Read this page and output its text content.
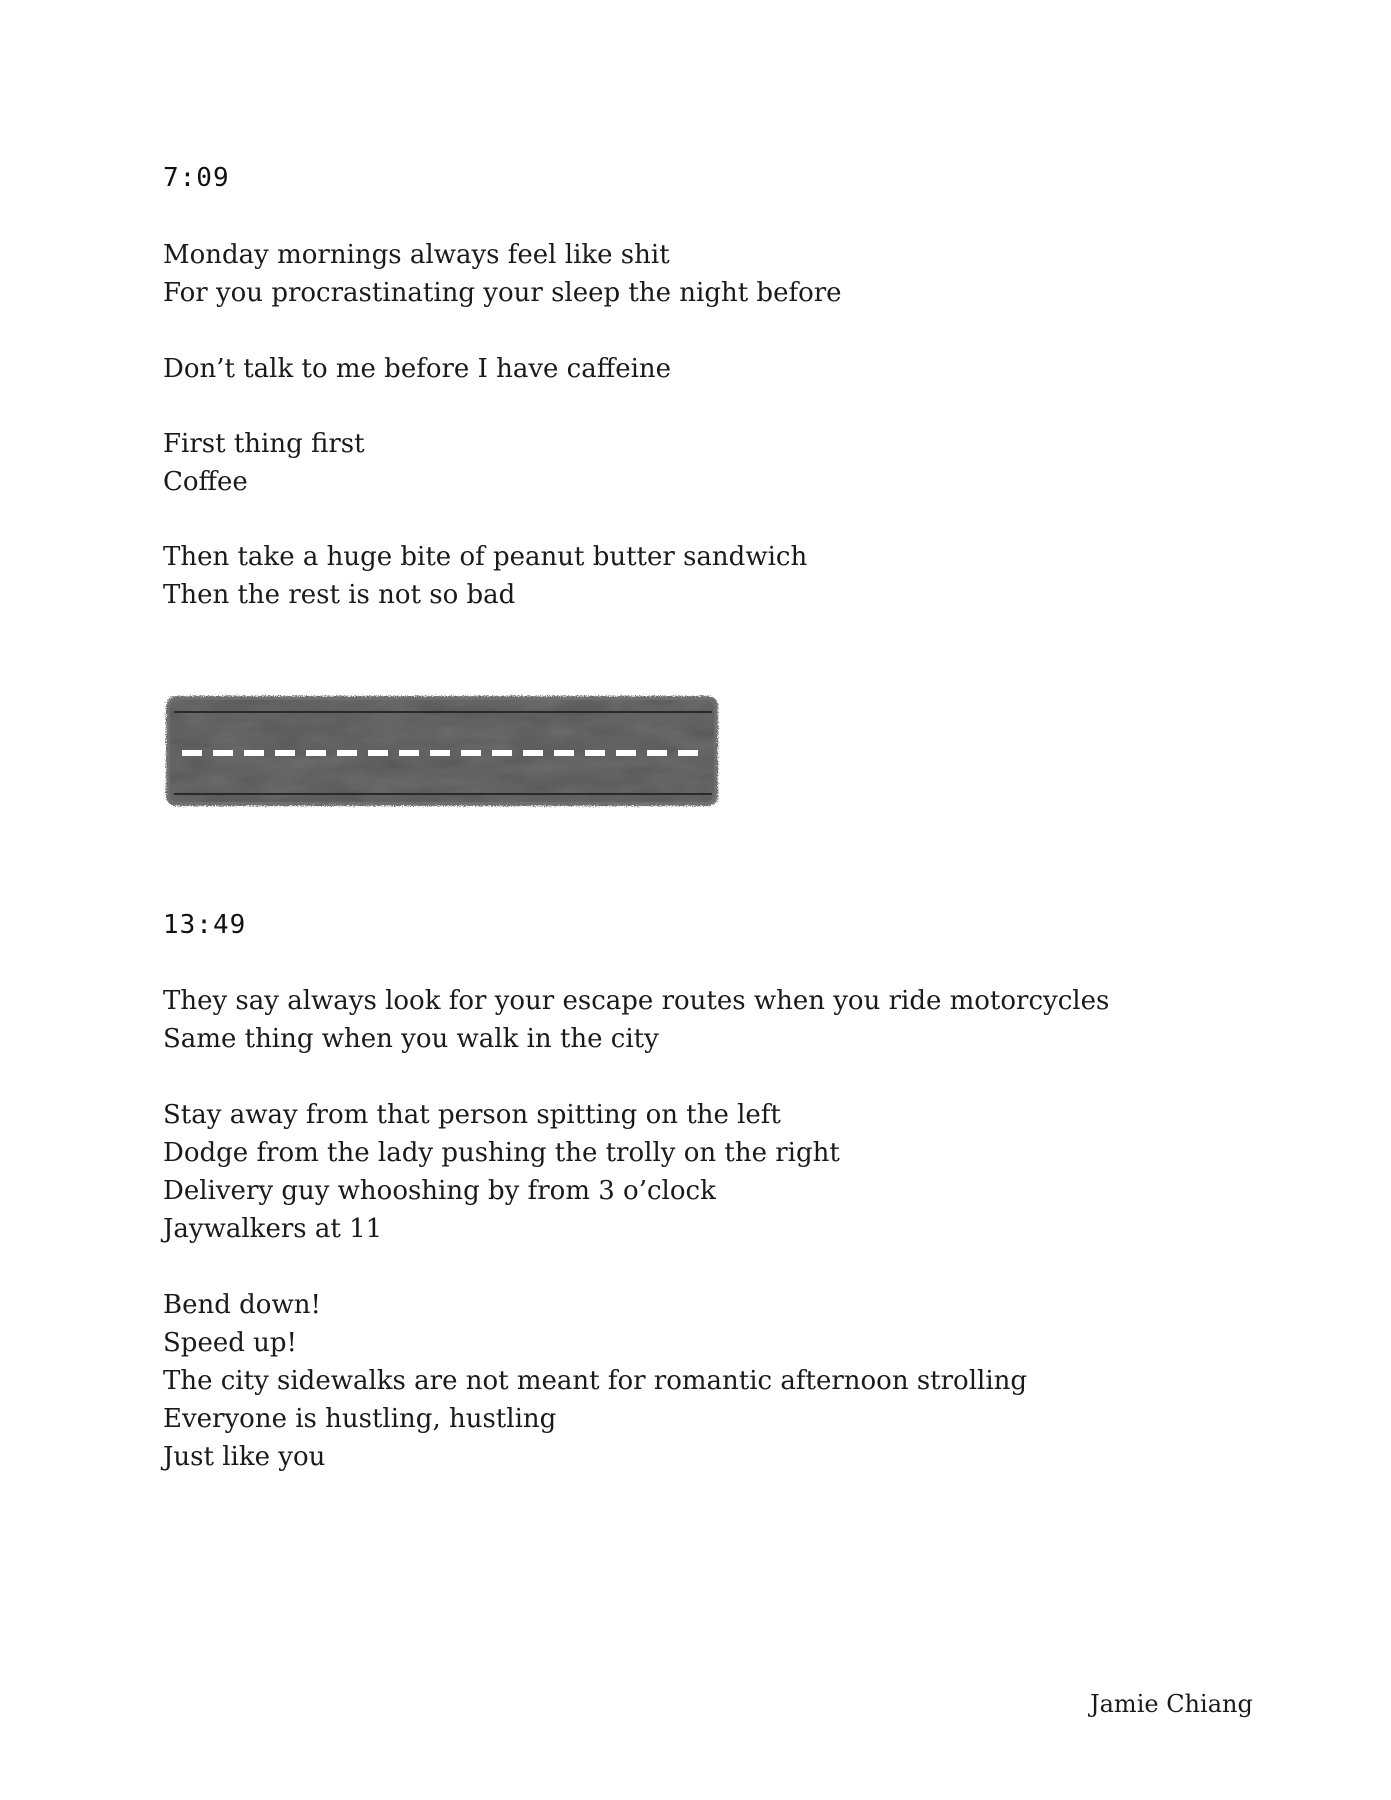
7:09
Monday mornings always feel like shit
For you procrastinating your sleep the night before
Don’t talk to me before I have caffeine
First thing first
Coffee
Then take a huge bite of peanut butter sandwich
Then the rest is not so bad
13:49
They say always look for your escape routes when you ride motorcycles
Same thing when you walk in the city
Stay away from that person spitting on the left
Dodge from the lady pushing the trolly on the right
Delivery guy whooshing by from 3 o’clock
Jaywalkers at 11
Bend down!
Speed up!
The city sidewalks are not meant for romantic afternoon strolling
Everyone is hustling, hustling
Just like you
Jamie Chiang
